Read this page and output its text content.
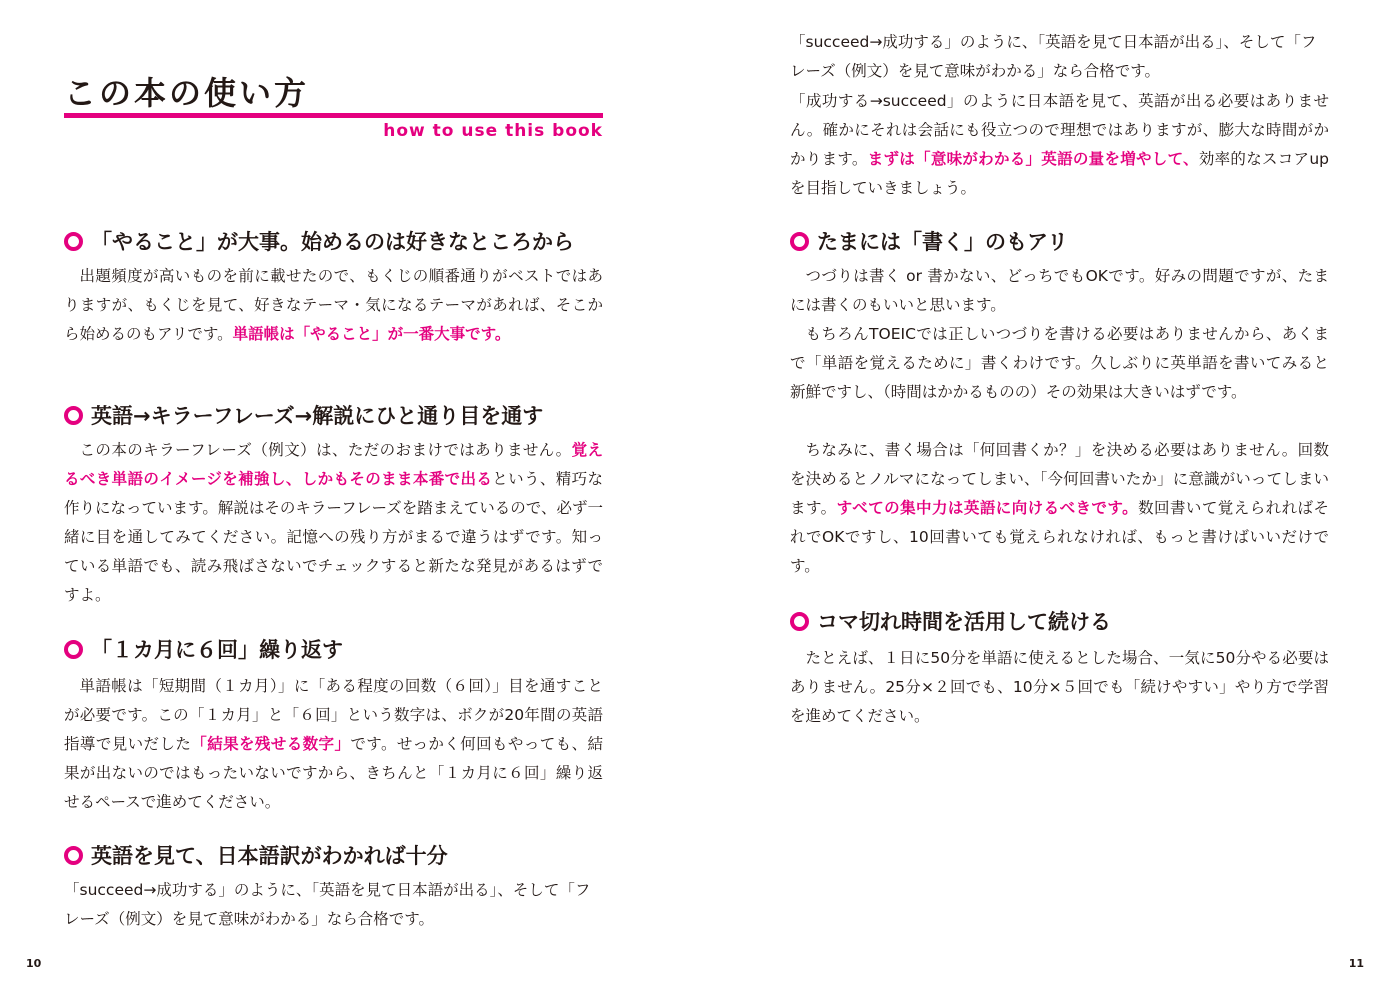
この本の使い方
how to use this book
「やること」が大事。始めるのは好きなところから

出題頻度が高いものを前に載せたので、もくじの順番通りがベストではありますが、もくじを見て、好きなテーマ・気になるテーマがあれば、そこから始めるのもアリです。単語帳は「やること」が一番大事です。

英語→キラーフレーズ→解説にひと通り目を通す

この本のキラーフレーズ（例文）は、ただのおまけではありません。覚えるべき単語のイメージを補強し、しかもそのまま本番で出るという、精巧な作りになっています。解説はそのキラーフレーズを踏まえているので、必ず一緒に目を通してみてください。記憶への残り方がまるで違うはずです。知っている単語でも、読み飛ばさないでチェックすると新たな発見があるはずですよ。

「１カ月に６回」繰り返す

単語帳は「短期間（１カ月）」に「ある程度の回数（６回）」目を通すことが必要です。この「１カ月」と「６回」という数字は、ボクが20年間の英語指導で見いだした「結果を残せる数字」です。せっかく何回もやっても、結果が出ないのではもったいないですから、きちんと「１カ月に６回」繰り返せるペースで進めてください。

英語を見て、日本語訳がわかれば十分

「succeed→成功する」のように、「英語を見て日本語が出る」、そして「フレーズ（例文）を見て意味がわかる」なら合格です。

10

「succeed→成功する」のように、「英語を見て日本語が出る」、そして「フレーズ（例文）を見て意味がわかる」なら合格です。

「成功する→succeed」のように日本語を見て、英語が出る必要はありません。確かにそれは会話にも役立つので理想ではありますが、膨大な時間がかかります。まずは「意味がわかる」英語の量を増やして、効率的なスコアupを目指していきましょう。

たまには「書く」のもアリ

つづりは書く or 書かない、どっちでもOKです。好みの問題ですが、たまには書くのもいいと思います。

もちろんTOEICでは正しいつづりを書ける必要はありませんから、あくまで「単語を覚えるために」書くわけです。久しぶりに英単語を書いてみると新鮮ですし、（時間はかかるものの）その効果は大きいはずです。

ちなみに、書く場合は「何回書くか？」を決める必要はありません。回数を決めるとノルマになってしまい、「今何回書いたか」に意識がいってしまいます。すべての集中力は英語に向けるべきです。数回書いて覚えられればそれでOKですし、10回書いても覚えられなければ、もっと書けばいいだけです。

コマ切れ時間を活用して続ける

たとえば、１日に50分を単語に使えるとした場合、一気に50分やる必要はありません。25分×２回でも、10分×５回でも「続けやすい」やり方で学習を進めてください。

11
